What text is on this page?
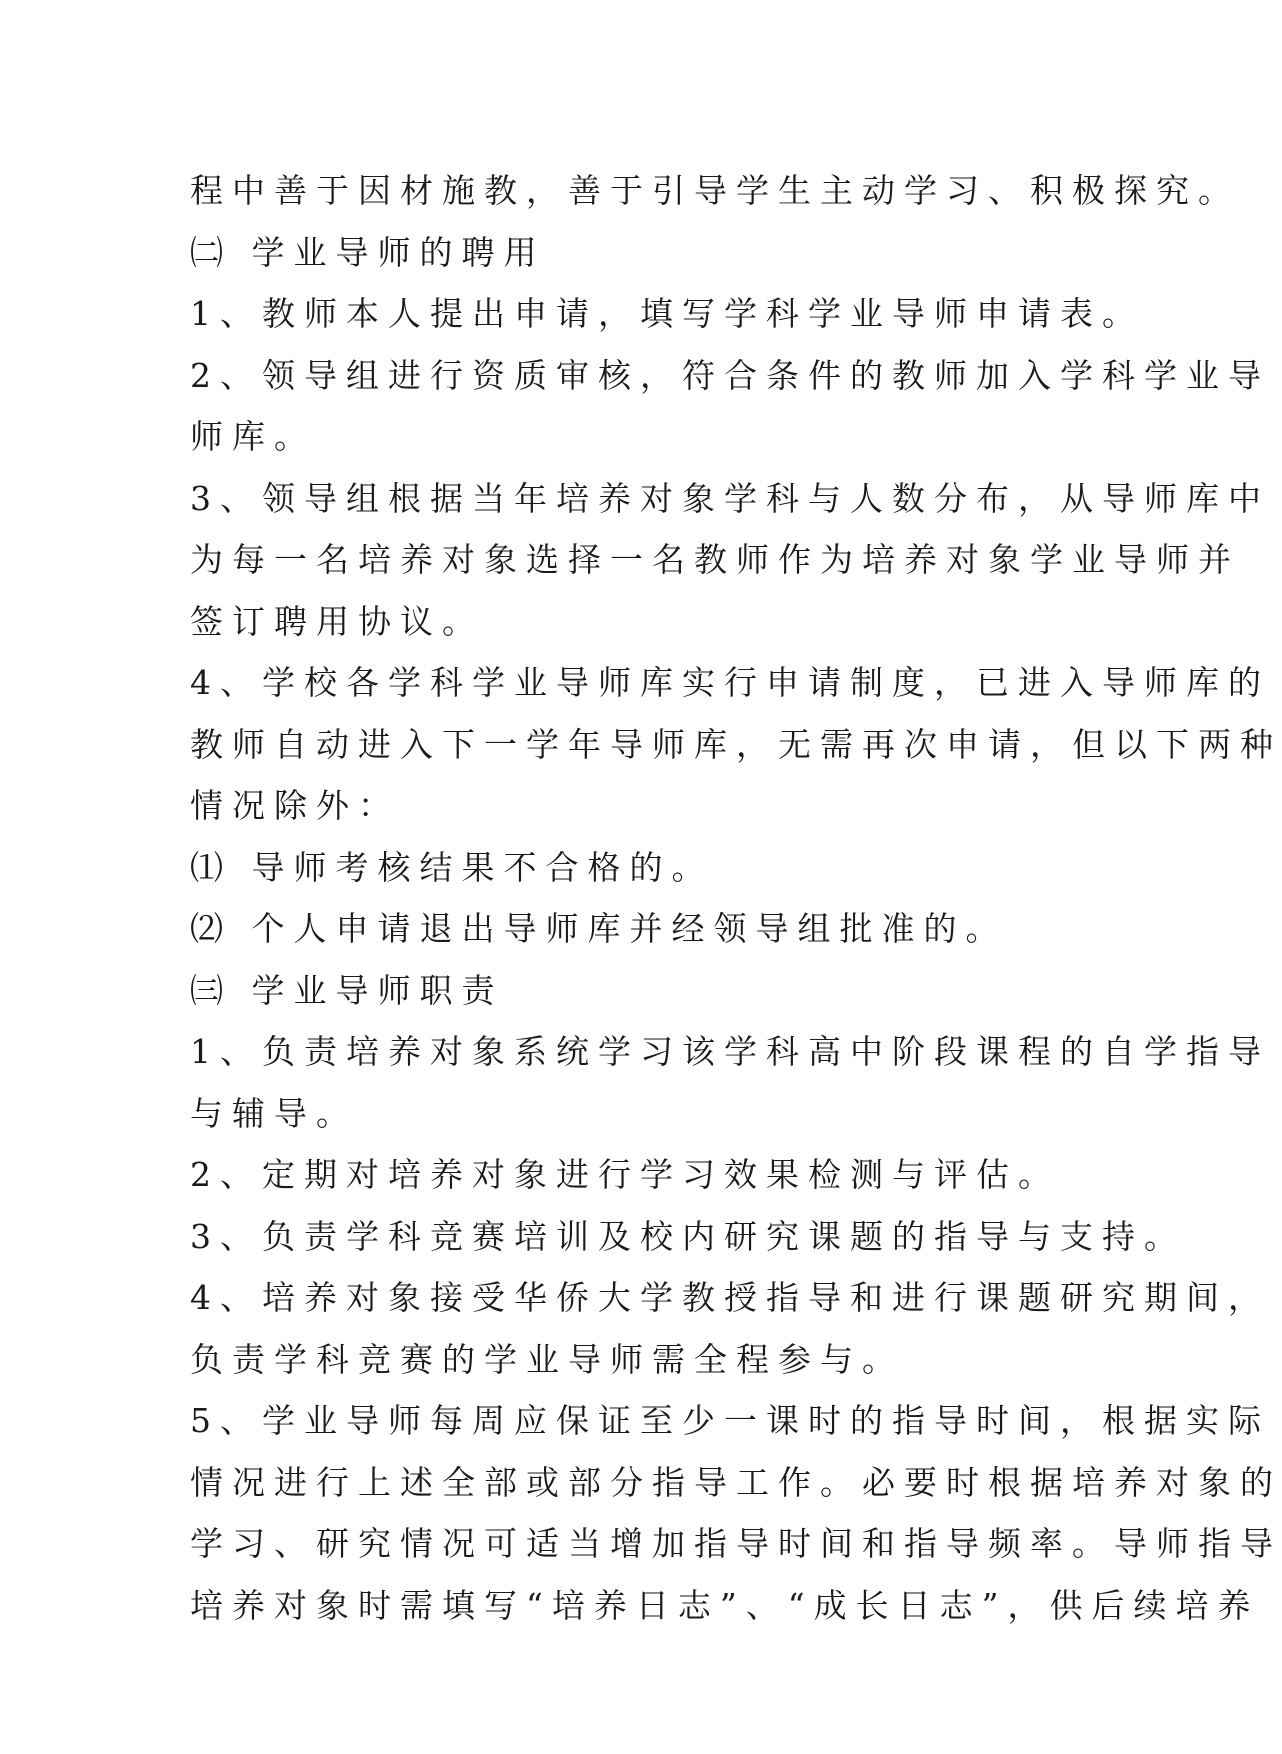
程中善于因材施教，善于引导学生主动学习、积极探究。
㈡ 学业导师的聘用
1、教师本人提出申请，填写学科学业导师申请表。
2、领导组进行资质审核，符合条件的教师加入学科学业导
师库。
3、领导组根据当年培养对象学科与人数分布，从导师库中
为每一名培养对象选择一名教师作为培养对象学业导师并
签订聘用协议。
4、学校各学科学业导师库实行申请制度，已进入导师库的
教师自动进入下一学年导师库，无需再次申请，但以下两种
情况除外：
⑴ 导师考核结果不合格的。
⑵ 个人申请退出导师库并经领导组批准的。
㈢ 学业导师职责
1、负责培养对象系统学习该学科高中阶段课程的自学指导
与辅导。
2、定期对培养对象进行学习效果检测与评估。
3、负责学科竞赛培训及校内研究课题的指导与支持。
4、培养对象接受华侨大学教授指导和进行课题研究期间，
负责学科竞赛的学业导师需全程参与。
5、学业导师每周应保证至少一课时的指导时间，根据实际
情况进行上述全部或部分指导工作。必要时根据培养对象的
学习、研究情况可适当增加指导时间和指导频率。导师指导
培养对象时需填写“培养日志”、“成长日志”，供后续培养
